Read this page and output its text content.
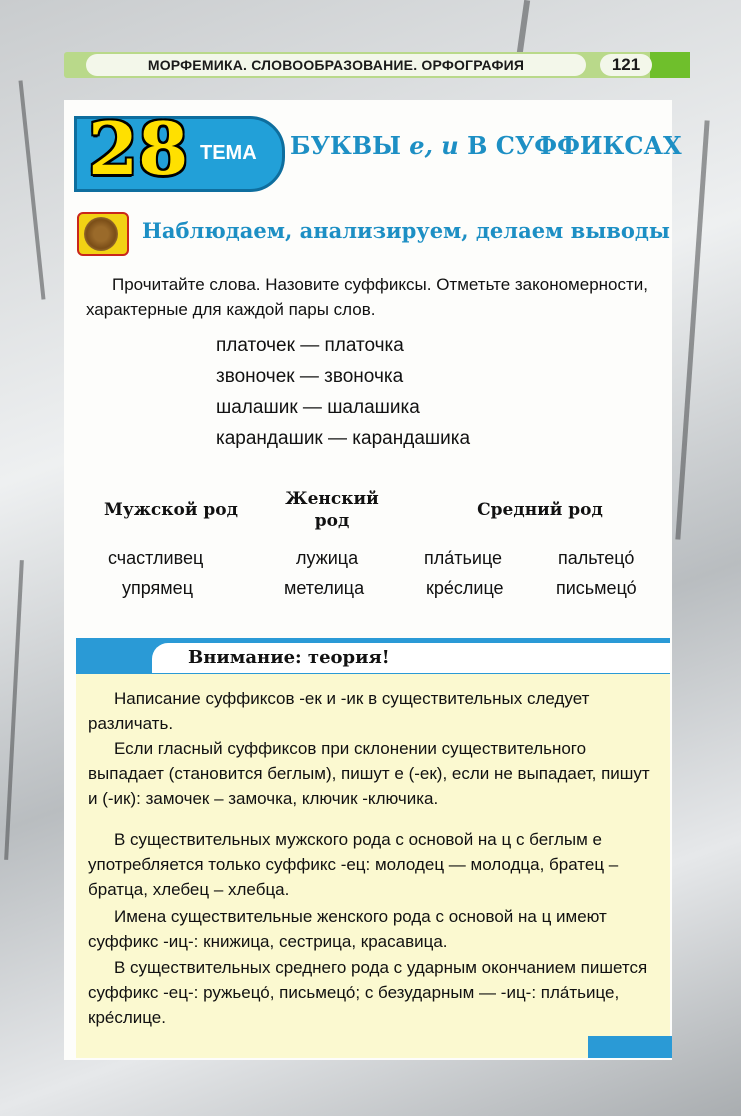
МОРФЕМИКА. СЛОВООБРАЗОВАНИЕ. ОРФОГРАФИЯ	121
28 ТЕМА БУКВЫ е, и В СУФФИКСАХ
Наблюдаем, анализируем, делаем выводы
Прочитайте слова. Назовите суффиксы. Отметьте закономерности, характерные для каждой пары слов.
платочек — платочка
звоночек — звоночка
шалашик — шалашика
карандашик — карандашика
Мужской род
Женский род
Средний род
счастливец
упрямец
лужица
метелица
пла́тьице
кре́слице
пальтецо́
письмецо́
Внимание: теория!

Написание суффиксов -ек и -ик в существительных следует различать.

Если гласный суффиксов при склонении существительного выпадает (становится беглым), пишут е (-ек), если не выпадает, пишут и (-ик): замочек – замочка, ключик -ключика.

В существительных мужского рода с основой на ц с беглым е употребляется только суффикс -ец: молодец — молодца, братец – братца, хлебец – хлебца.

Имена существительные женского рода с основой на ц имеют суффикс -иц-: книжица, сестрица, красавица.

В существительных среднего рода с ударным окончанием пишется суффикс -ец-: ружьецо́, письмецо́; с безударным — -иц-: пла́тьице, кре́слице.
